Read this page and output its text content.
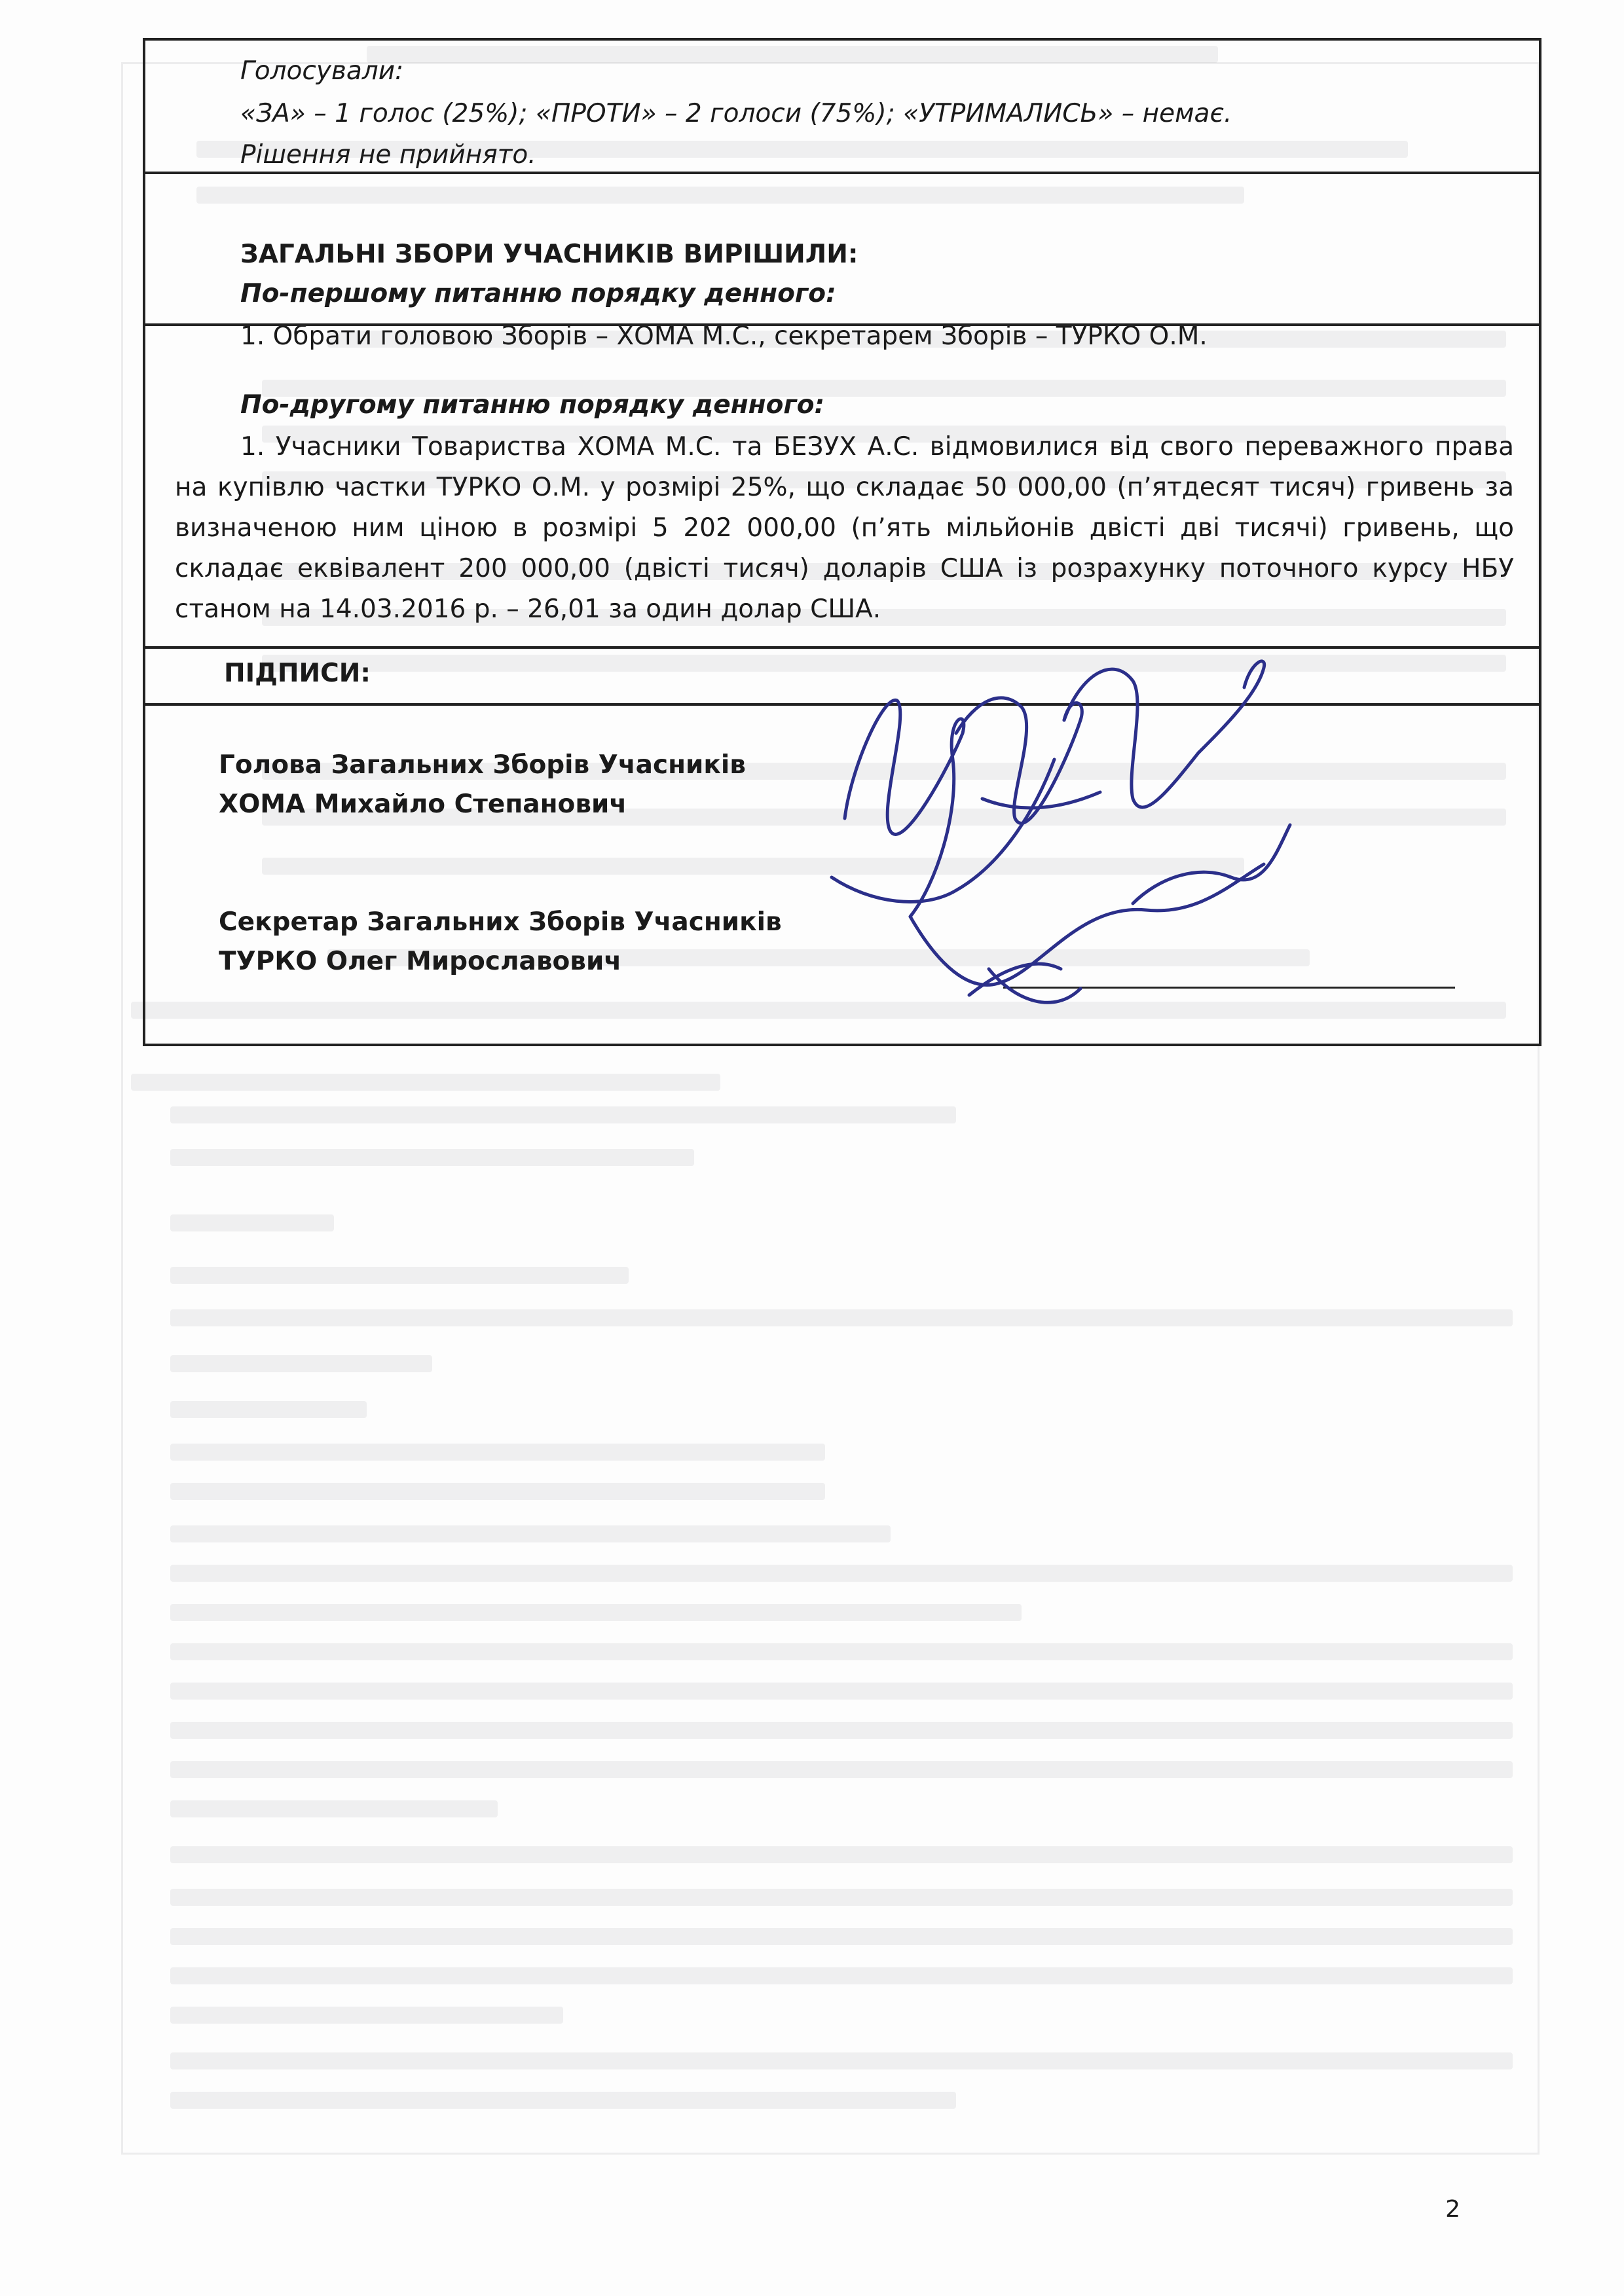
Голосували:
«ЗА» – 1 голос (25%); «ПРОТИ» – 2 голоси (75%); «УТРИМАЛИСЬ» – немає.
Рішення не прийнято.
ЗАГАЛЬНІ ЗБОРИ УЧАСНИКІВ ВИРІШИЛИ:
По-першому питанню порядку денного:
1. Обрати головою Зборів – ХОМА М.С., секретарем Зборів – ТУРКО О.М.
По-другому питанню порядку денного:
1. Учасники Товариства ХОМА М.С. та БЕЗУХ А.С. відмовилися від свого переважного права на купівлю частки ТУРКО О.М. у розмірі 25%, що складає 50 000,00 (п’ятдесят тисяч) гривень за визначеною ним ціною в розмірі 5 202 000,00 (п’ять мільйонів двісті дві тисячі) гривень, що складає еквівалент 200 000,00 (двісті тисяч) доларів США із розрахунку поточного курсу НБУ станом на 14.03.2016 р. – 26,01 за один долар США.
ПІДПИСИ:
Голова Загальних Зборів Учасників
ХОМА Михайло Степанович
Секретар Загальних Зборів Учасників
ТУРКО Олег Мирославович
2
